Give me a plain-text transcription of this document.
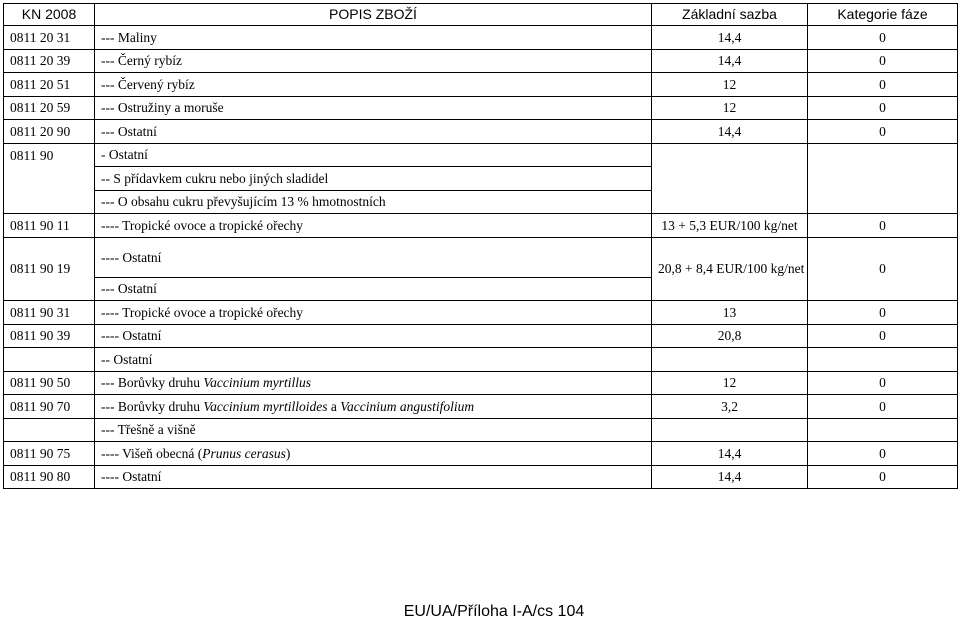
KN 2008	POPIS ZBOŽÍ	Základní sazba	Kategorie fáze
0811 20 31	--- Maliny	14,4	0
0811 20 39	--- Černý rybíz	14,4	0
0811 20 51	--- Červený rybíz	12	0
0811 20 59	--- Ostružiny a moruše	12	0
0811 20 90	--- Ostatní	14,4	0
0811 90	- Ostatní		
	-- S přídavkem cukru nebo jiných sladidel		
	--- O obsahu cukru převyšujícím 13 % hmotnostních		
0811 90 11	---- Tropické ovoce a tropické ořechy	13 + 5,3 EUR/100 kg/net	0
0811 90 19	---- Ostatní	20,8 + 8,4 EUR/100 kg/net	0
	--- Ostatní		
0811 90 31	---- Tropické ovoce a tropické ořechy	13	0
0811 90 39	---- Ostatní	20,8	0
	-- Ostatní		
0811 90 50	--- Borůvky druhu Vaccinium myrtillus	12	0
0811 90 70	--- Borůvky druhu Vaccinium myrtilloides a Vaccinium angustifolium	3,2	0
	--- Třešně a višně		
0811 90 75	---- Višeň obecná (Prunus cerasus)	14,4	0
0811 90 80	---- Ostatní	14,4	0
EU/UA/Příloha I-A/cs 104
